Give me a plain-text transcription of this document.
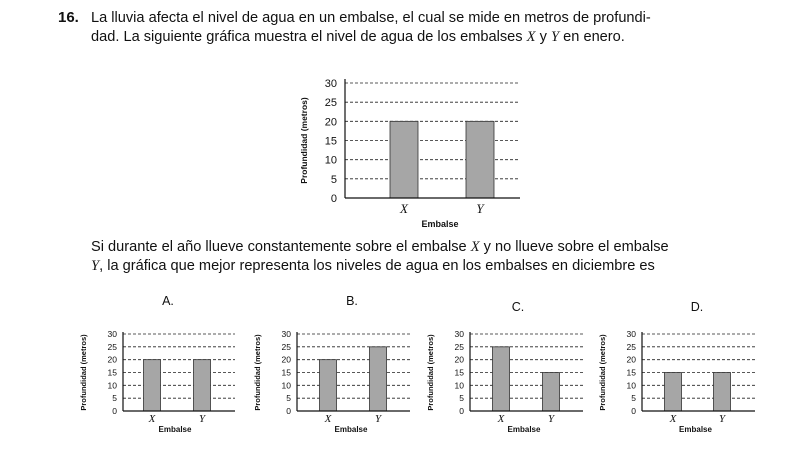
16. La lluvia afecta el nivel de agua en un embalse, el cual se mide en metros de profundi-

dad. La siguiente gráfica muestra el nivel de agua de los embalses X y Y en enero.

0
5
10
15
20
25
30
X	Y
Embalse
Profundidad (metros)
0
5
10
15
20
25
30
X	Y
Embalse
Profundidad (metros)
A.
0
5
10
15
20
25
30
X	Y
Embalse
Profundidad (metros)
B.
0
5
10
15
20
25
30
X	Y
Embalse
Profundidad (metros)
C.
0
5
10
15
20
25
30
X	Y
Embalse
Profundidad (metros)
D.

Si durante el año llueve constantemente sobre el embalse X y no llueve sobre el embalse

Y, la gráfica que mejor representa los niveles de agua en los embalses en diciembre es
